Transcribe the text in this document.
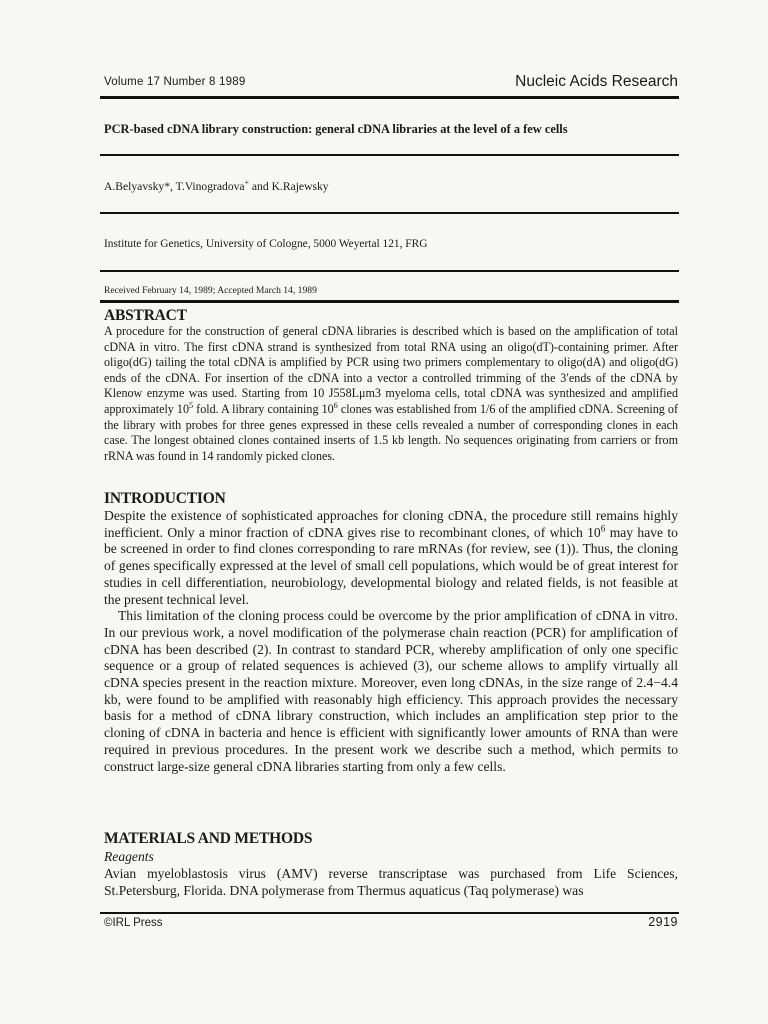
Volume 17 Number 8 1989	Nucleic Acids Research
PCR-based cDNA library construction: general cDNA libraries at the level of a few cells
A.Belyavsky*, T.Vinogradova+ and K.Rajewsky
Institute for Genetics, University of Cologne, 5000 Weyertal 121, FRG
Received February 14, 1989; Accepted March 14, 1989
ABSTRACT
A procedure for the construction of general cDNA libraries is described which is based on the amplification of total cDNA in vitro. The first cDNA strand is synthesized from total RNA using an oligo(dT)-containing primer. After oligo(dG) tailing the total cDNA is amplified by PCR using two primers complementary to oligo(dA) and oligo(dG) ends of the cDNA. For insertion of the cDNA into a vector a controlled trimming of the 3′ends of the cDNA by Klenow enzyme was used. Starting from 10 J558Lμm3 myeloma cells, total cDNA was synthesized and amplified approximately $10^5$ fold. A library containing $10^6$ clones was established from 1/6 of the amplified cDNA. Screening of the library with probes for three genes expressed in these cells revealed a number of corresponding clones in each case. The longest obtained clones contained inserts of 1.5 kb length. No sequences originating from carriers or from rRNA was found in 14 randomly picked clones.
INTRODUCTION

Despite the existence of sophisticated approaches for cloning cDNA, the procedure still remains highly inefficient. Only a minor fraction of cDNA gives rise to recombinant clones, of which $10^6$ may have to be screened in order to find clones corresponding to rare mRNAs (for review, see (1)). Thus, the cloning of genes specifically expressed at the level of small cell populations, which would be of great interest for studies in cell differentiation, neurobiology, developmental biology and related fields, is not feasible at the present technical level.

This limitation of the cloning process could be overcome by the prior amplification of cDNA in vitro. In our previous work, a novel modification of the polymerase chain reaction (PCR) for amplification of cDNA has been described (2). In contrast to standard PCR, whereby amplification of only one specific sequence or a group of related sequences is achieved (3), our scheme allows to amplify virtually all cDNA species present in the reaction mixture. Moreover, even long cDNAs, in the size range of 2.4−4.4 kb, were found to be amplified with reasonably high efficiency. This approach provides the necessary basis for a method of cDNA library construction, which includes an amplification step prior to the cloning of cDNA in bacteria and hence is efficient with significantly lower amounts of RNA than were required in previous procedures. In the present work we describe such a method, which permits to construct large-size general cDNA libraries starting from only a few cells.

MATERIALS AND METHODS
Reagents
Avian myeloblastosis virus (AMV) reverse transcriptase was purchased from Life Sciences, St.Petersburg, Florida. DNA polymerase from Thermus aquaticus (Taq polymerase) was
©IRL Press	2919
